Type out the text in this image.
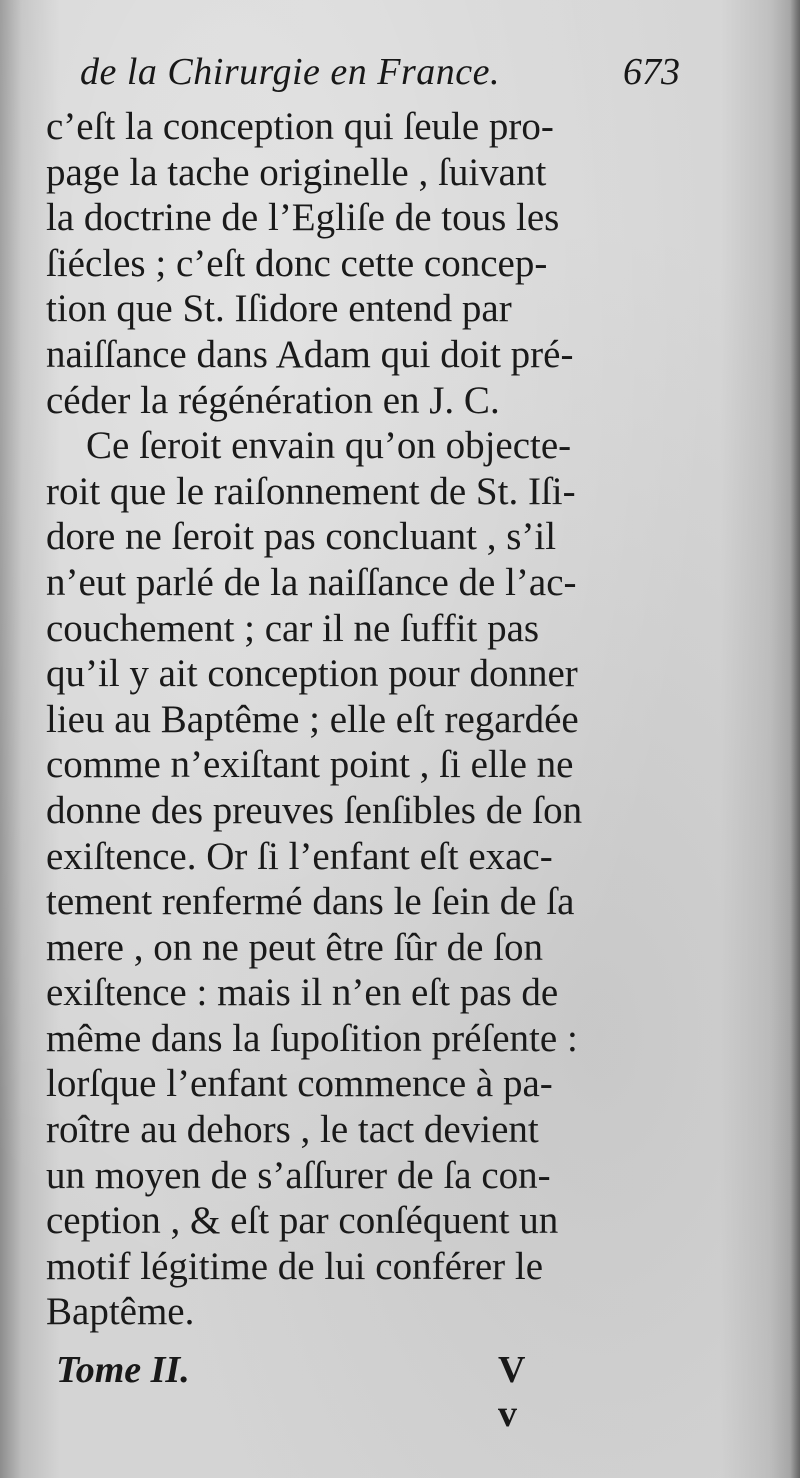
de la Chirurgie en France.	673
c’eſt la conception qui ſeule pro-
page la tache originelle , ſuivant
la doctrine de l’Egliſe de tous les
ſiécles ; c’eſt donc cette concep-
tion que St. Iſidore entend par
naiſſance dans Adam qui doit pré-
céder la régénération en J. C.
Ce ſeroit envain qu’on objecte-
roit que le raiſonnement de St. Iſi-
dore ne ſeroit pas concluant , s’il
n’eut parlé de la naiſſance de l’ac-
couchement ; car il ne ſuffit pas
qu’il y ait conception pour donner
lieu au Baptême ; elle eſt regardée
comme n’exiſtant point , ſi elle ne
donne des preuves ſenſibles de ſon
exiſtence. Or ſi l’enfant eſt exac-
tement renfermé dans le ſein de ſa
mere , on ne peut être ſûr de ſon
exiſtence : mais il n’en eſt pas de
même dans la ſupoſition préſente :
lorſque l’enfant commence à pa-
roître au dehors , le tact devient
un moyen de s’aſſurer de ſa con-
ception , & eſt par conſéquent un
motif légitime de lui conférer le
Baptême.
Tome II.	V v
